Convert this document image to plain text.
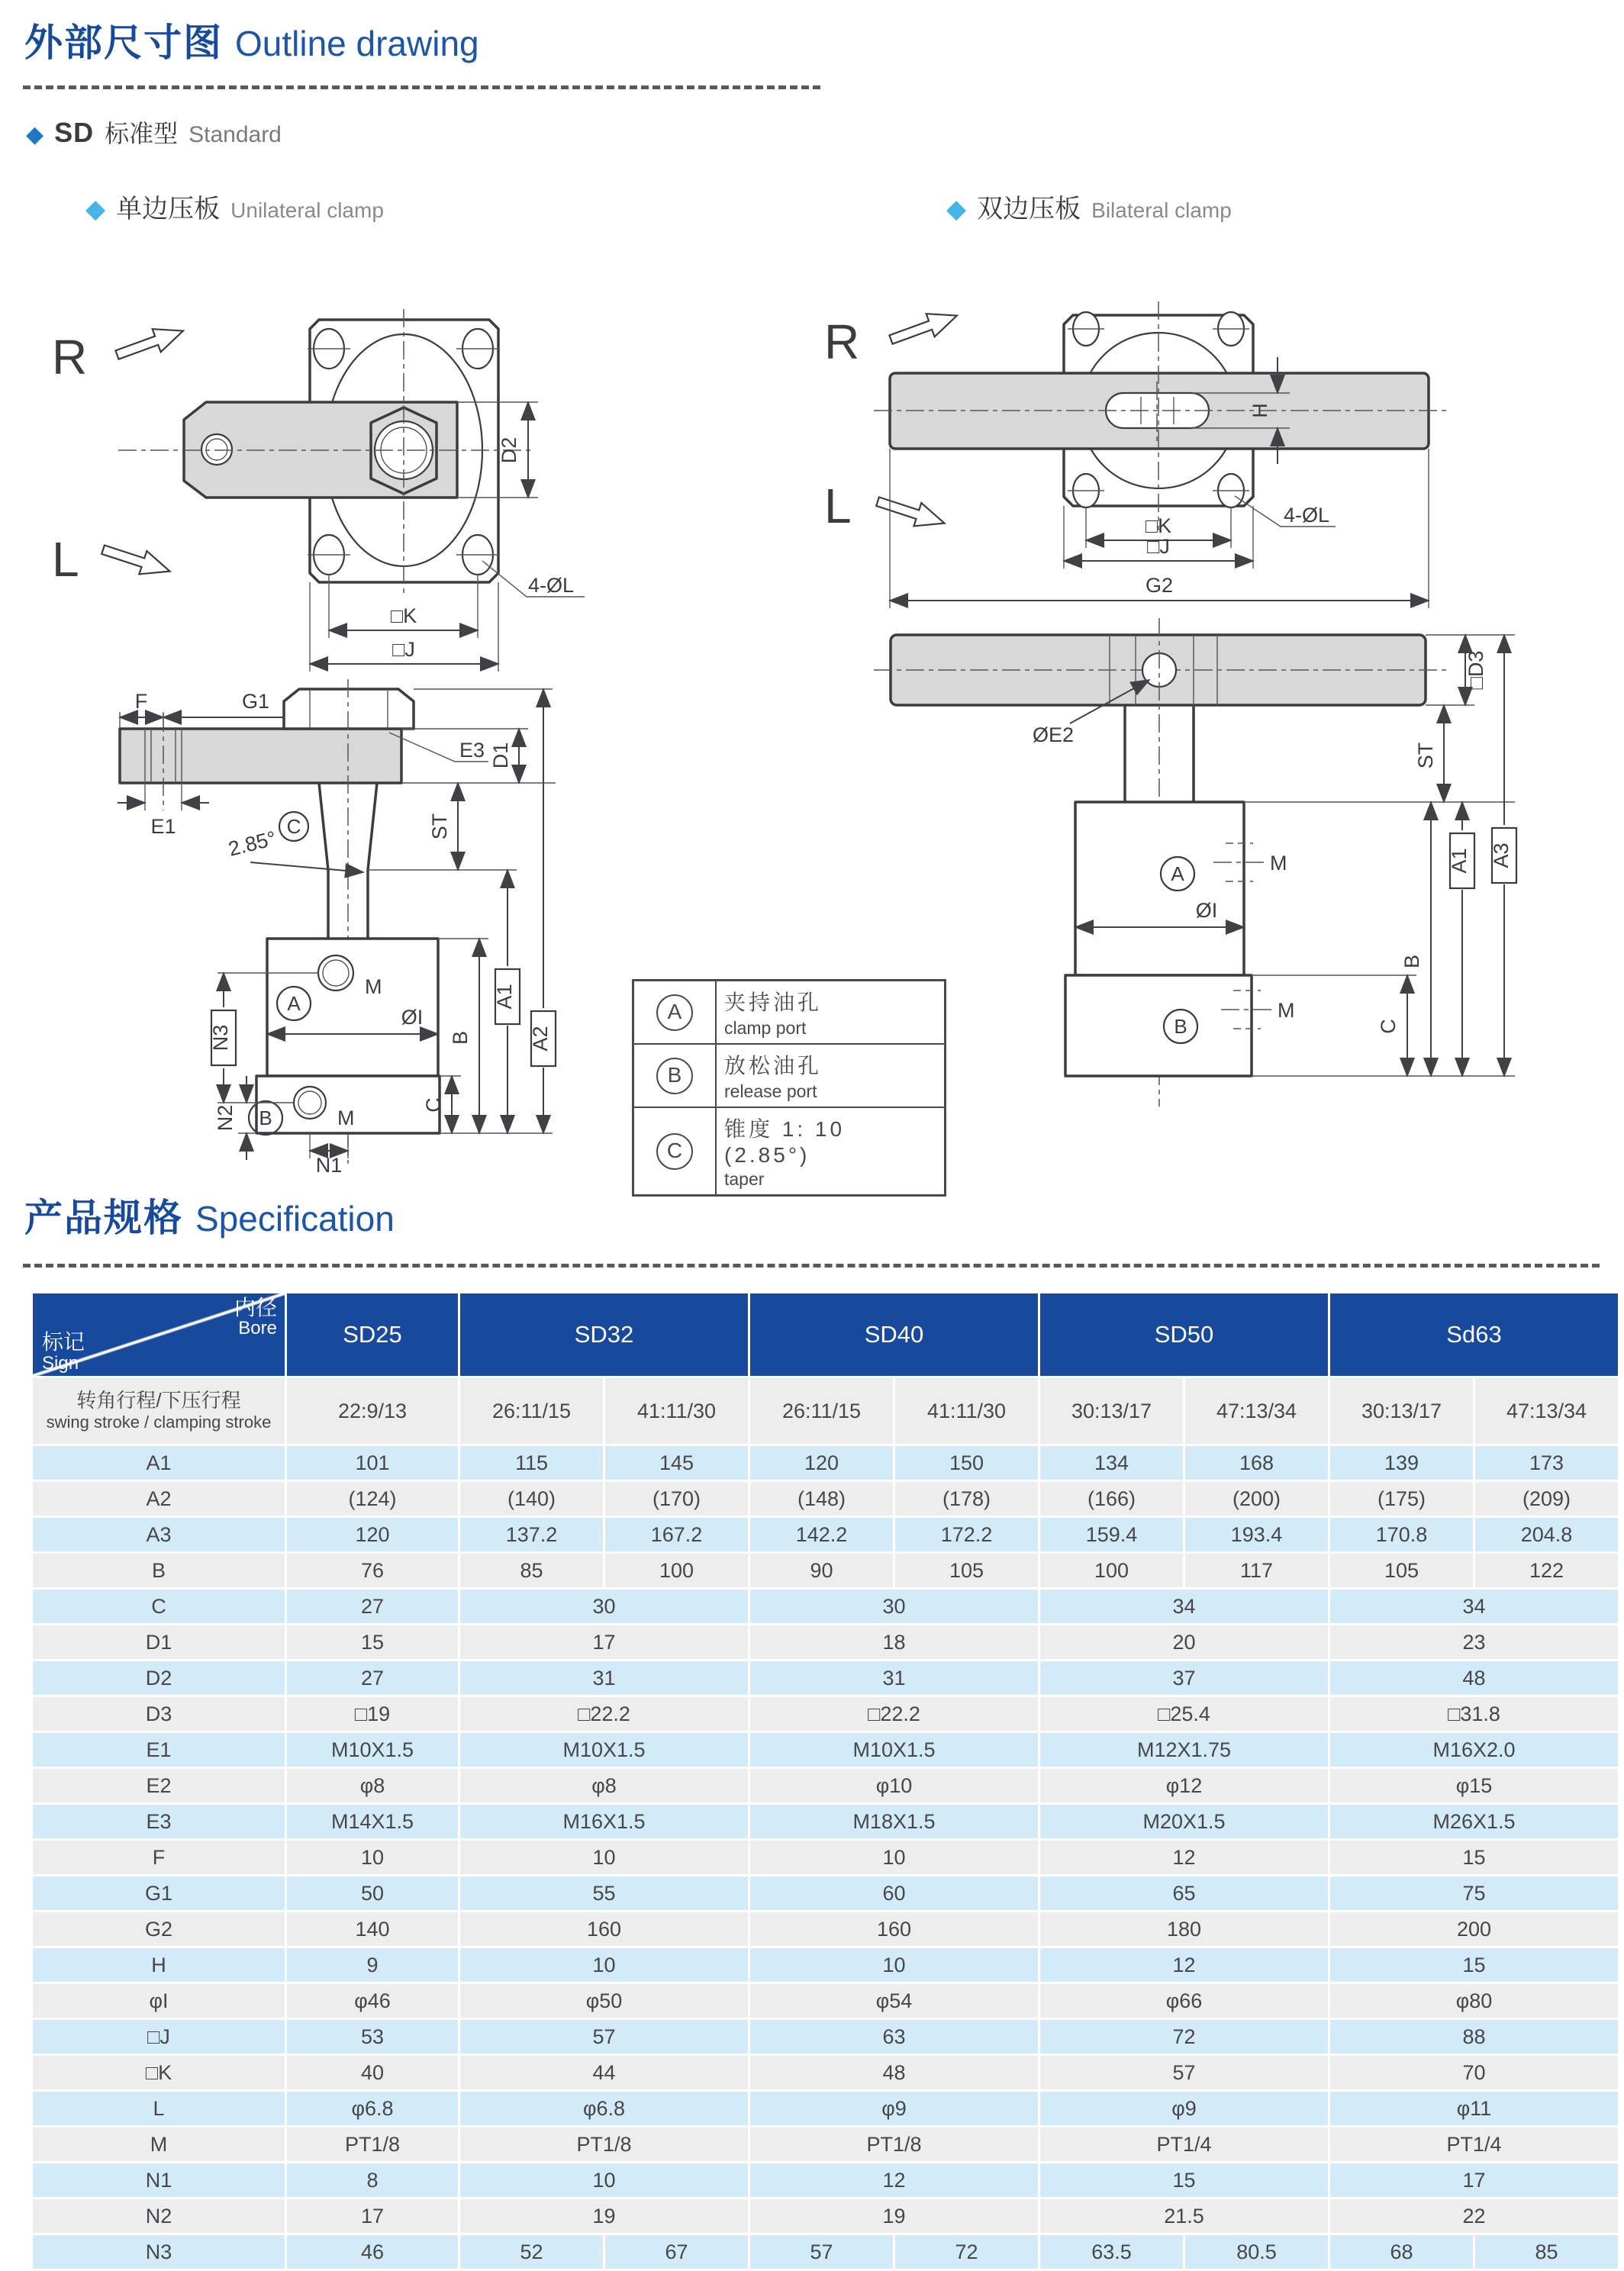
外部尺寸图 Outline drawing
◆ SD 标准型 Standard
◆ 单边压板 Unilateral clamp	◆ 双边压板 Bilateral clamp
R
L
D2
4-ØL
□K
□J
F	G1
M
A
ØI
M
B
E1
E3
C
2.85°
N3
N2
N1
ST
D1
B
C
A1
A2
R
L
H
4-ØL
□K
□J
G2
ØE2
M
A
ØI
M
B	C
ST
□D3
B
A1 A3
A	夹持油孔
clamp port

B	放松油孔
release port

C	锥度 1: 10 (2.85°)
taper
产品规格 Specification
内径
Bore
标记
Sign	SD25	SD32		SD40		SD50		Sd63	

转角行程/下压行程
swing stroke / clamping stroke	22:9/13	26:11/15	41:11/30	26:11/15	41:11/30	30:13/17	47:13/34	30:13/17	47:13/34
A1	101	115	145	120	150	134	168	139	173
A2	(124)	(140)	(170)	(148)	(178)	(166)	(200)	(175)	(209)
A3	120	137.2	167.2	142.2	172.2	159.4	193.4	170.8	204.8
B	76	85	100	90	105	100	117	105	122
C	27	30		30		34		34	
D1	15	17		18		20		23	
D2	27	31		31		37		48	
D3	□19	□22.2		□22.2		□25.4		□31.8	
E1	M10X1.5	M10X1.5		M10X1.5		M12X1.75		M16X2.0	
E2	φ8	φ8		φ10		φ12		φ15	
E3	M14X1.5	M16X1.5		M18X1.5		M20X1.5		M26X1.5	
F	10	10		10		12		15	
G1	50	55		60		65		75	
G2	140	160		160		180		200	
H	9	10		10		12		15	
φI	φ46	φ50		φ54		φ66		φ80	
□J	53	57		63		72		88	
□K	40	44		48		57		70	
L	φ6.8	φ6.8		φ9		φ9		φ11	
M	PT1/8	PT1/8		PT1/8		PT1/4		PT1/4	
N1	8	10		12		15		17	
N2	17	19		19		21.5		22	
N3	46	52	67	57	72	63.5	80.5	68	85
